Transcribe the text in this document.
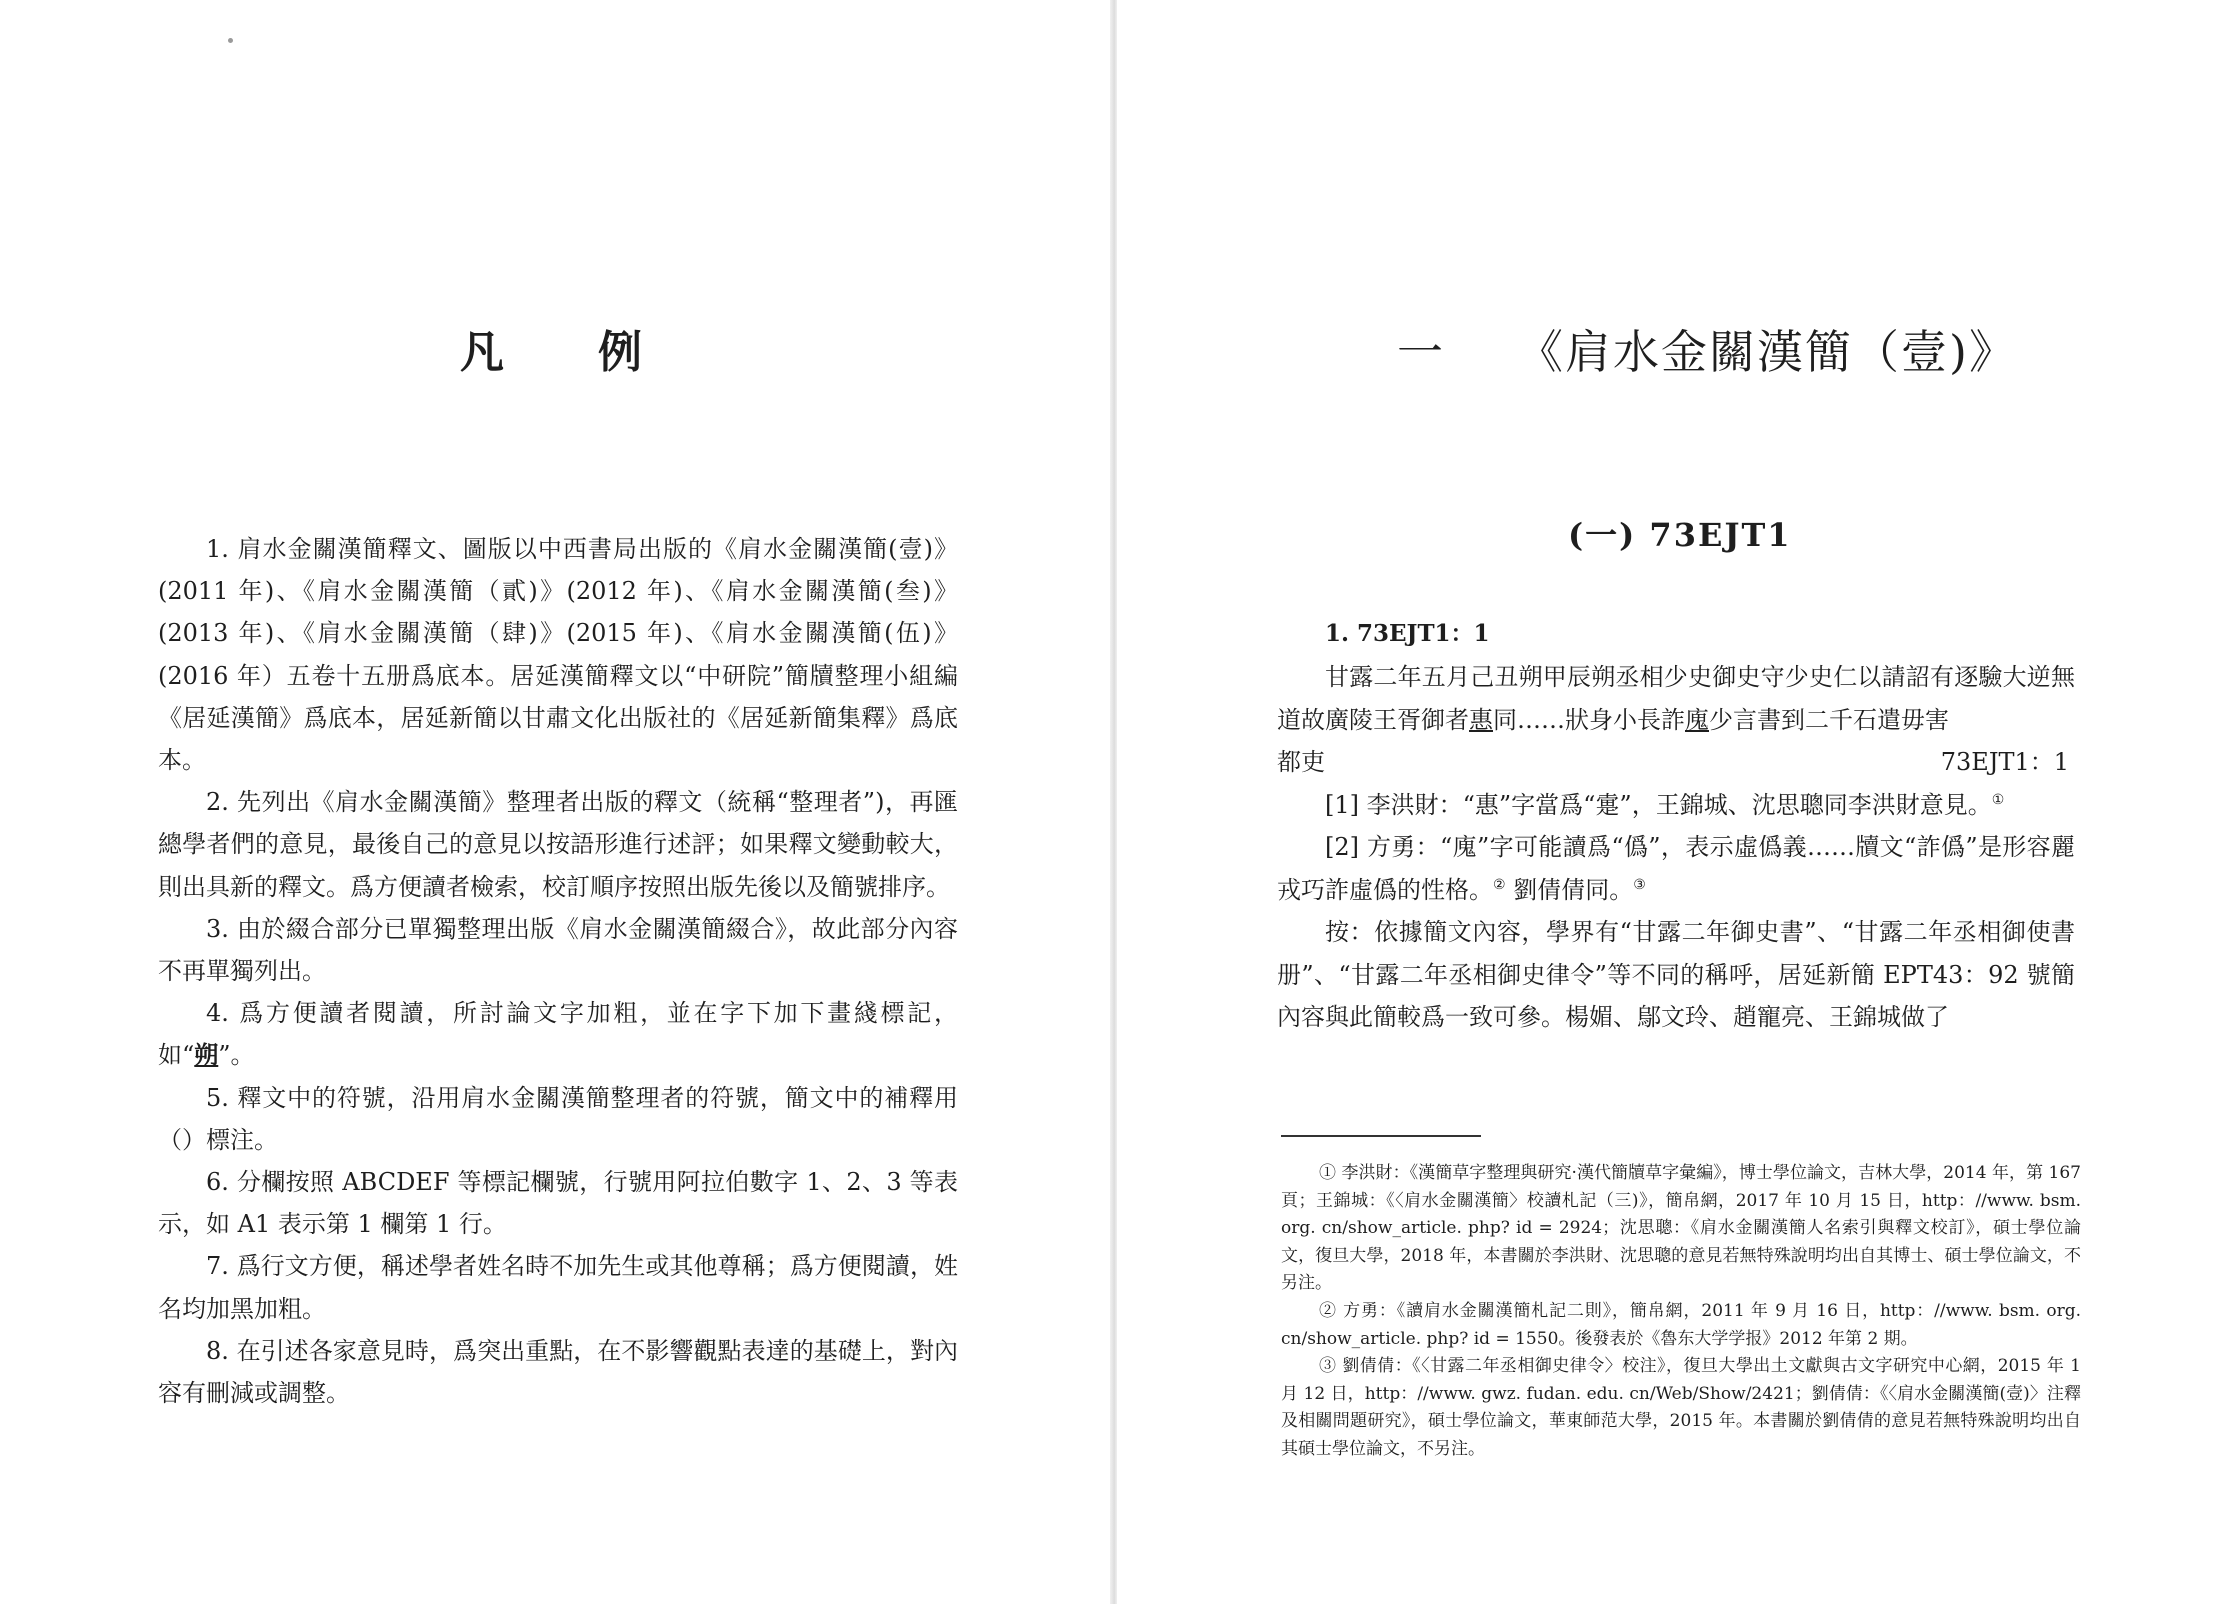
凡 例

1. 肩水金關漢簡釋文、圖版以中西書局出版的《肩水金關漢簡(壹)》(2011 年)、《肩水金關漢簡（貳)》(2012 年)、《肩水金關漢簡(叁)》(2013 年)、《肩水金關漢簡（肆)》(2015 年)、《肩水金關漢簡(伍)》(2016 年）五卷十五册爲底本。居延漢簡釋文以“中研院”簡牘整理小組編《居延漢簡》爲底本，居延新簡以甘肅文化出版社的《居延新簡集釋》爲底本。

2. 先列出《肩水金關漢簡》整理者出版的釋文（統稱“整理者”)，再匯總學者們的意見，最後自己的意見以按語形進行述評；如果釋文變動較大，則出具新的釋文。爲方便讀者檢索，校訂順序按照出版先後以及簡號排序。

3. 由於綴合部分已單獨整理出版《肩水金關漢簡綴合》，故此部分內容不再單獨列出。

4. 爲方便讀者閱讀，所討論文字加粗，並在字下加下畫綫標記，如“朔”。

5. 釋文中的符號，沿用肩水金關漢簡整理者的符號，簡文中的補釋用（）標注。

6. 分欄按照 ABCDEF 等標記欄號，行號用阿拉伯數字 1、2、3 等表示，如 A1 表示第 1 欄第 1 行。

7. 爲行文方便，稱述學者姓名時不加先生或其他尊稱；爲方便閱讀，姓名均加黑加粗。

8. 在引述各家意見時，爲突出重點，在不影響觀點表達的基礎上，對內容有刪減或調整。

一 《肩水金關漢簡（壹)》
(一) 73EJT1

1. 73EJT1：1

甘露二年五月己丑朔甲辰朔丞相少史御史守少史仁以請詔有逐驗大逆無道故廣陵王胥御者惠同……狀身小長詐廆少言書到二千石遣毋害

都吏	73EJT1：1

[1] 李洪財：“惠”字當爲“疐”，王錦城、沈思聰同李洪財意見。①

[2] 方勇：“廆”字可能讀爲“僞”，表示虛僞義……牘文“詐僞”是形容麗戎巧詐虛僞的性格。② 劉倩倩同。③

按：依據簡文內容，學界有“甘露二年御史書”、“甘露二年丞相御使書册”、“甘露二年丞相御史律令”等不同的稱呼，居延新簡 EPT43：92 號簡內容與此簡較爲一致可參。楊媚、鄔文玲、趙寵亮、王錦城做了

① 李洪財：《漢簡草字整理與研究·漢代簡牘草字彙編》，博士學位論文，吉林大學，2014 年，第 167 頁；王錦城：《〈肩水金關漢簡〉校讀札記（三)》，簡帛網，2017 年 10 月 15 日，http：//www. bsm. org. cn/show_article. php? id = 2924；沈思聰：《肩水金關漢簡人名索引與釋文校訂》，碩士學位論文，復旦大學，2018 年，本書關於李洪財、沈思聰的意見若無特殊說明均出自其博士、碩士學位論文，不另注。

② 方勇：《讀肩水金關漢簡札記二則》，簡帛網，2011 年 9 月 16 日，http：//www. bsm. org. cn/show_article. php? id = 1550。後發表於《魯东大学学报》2012 年第 2 期。

③ 劉倩倩：《〈甘露二年丞相御史律令〉校注》，復旦大學出土文獻與古文字研究中心網，2015 年 1 月 12 日，http：//www. gwz. fudan. edu. cn/Web/Show/2421；劉倩倩：《〈肩水金關漢簡(壹)〉注釋及相關問題研究》，碩士學位論文，華東師范大學，2015 年。本書關於劉倩倩的意見若無特殊說明均出自其碩士學位論文，不另注。
